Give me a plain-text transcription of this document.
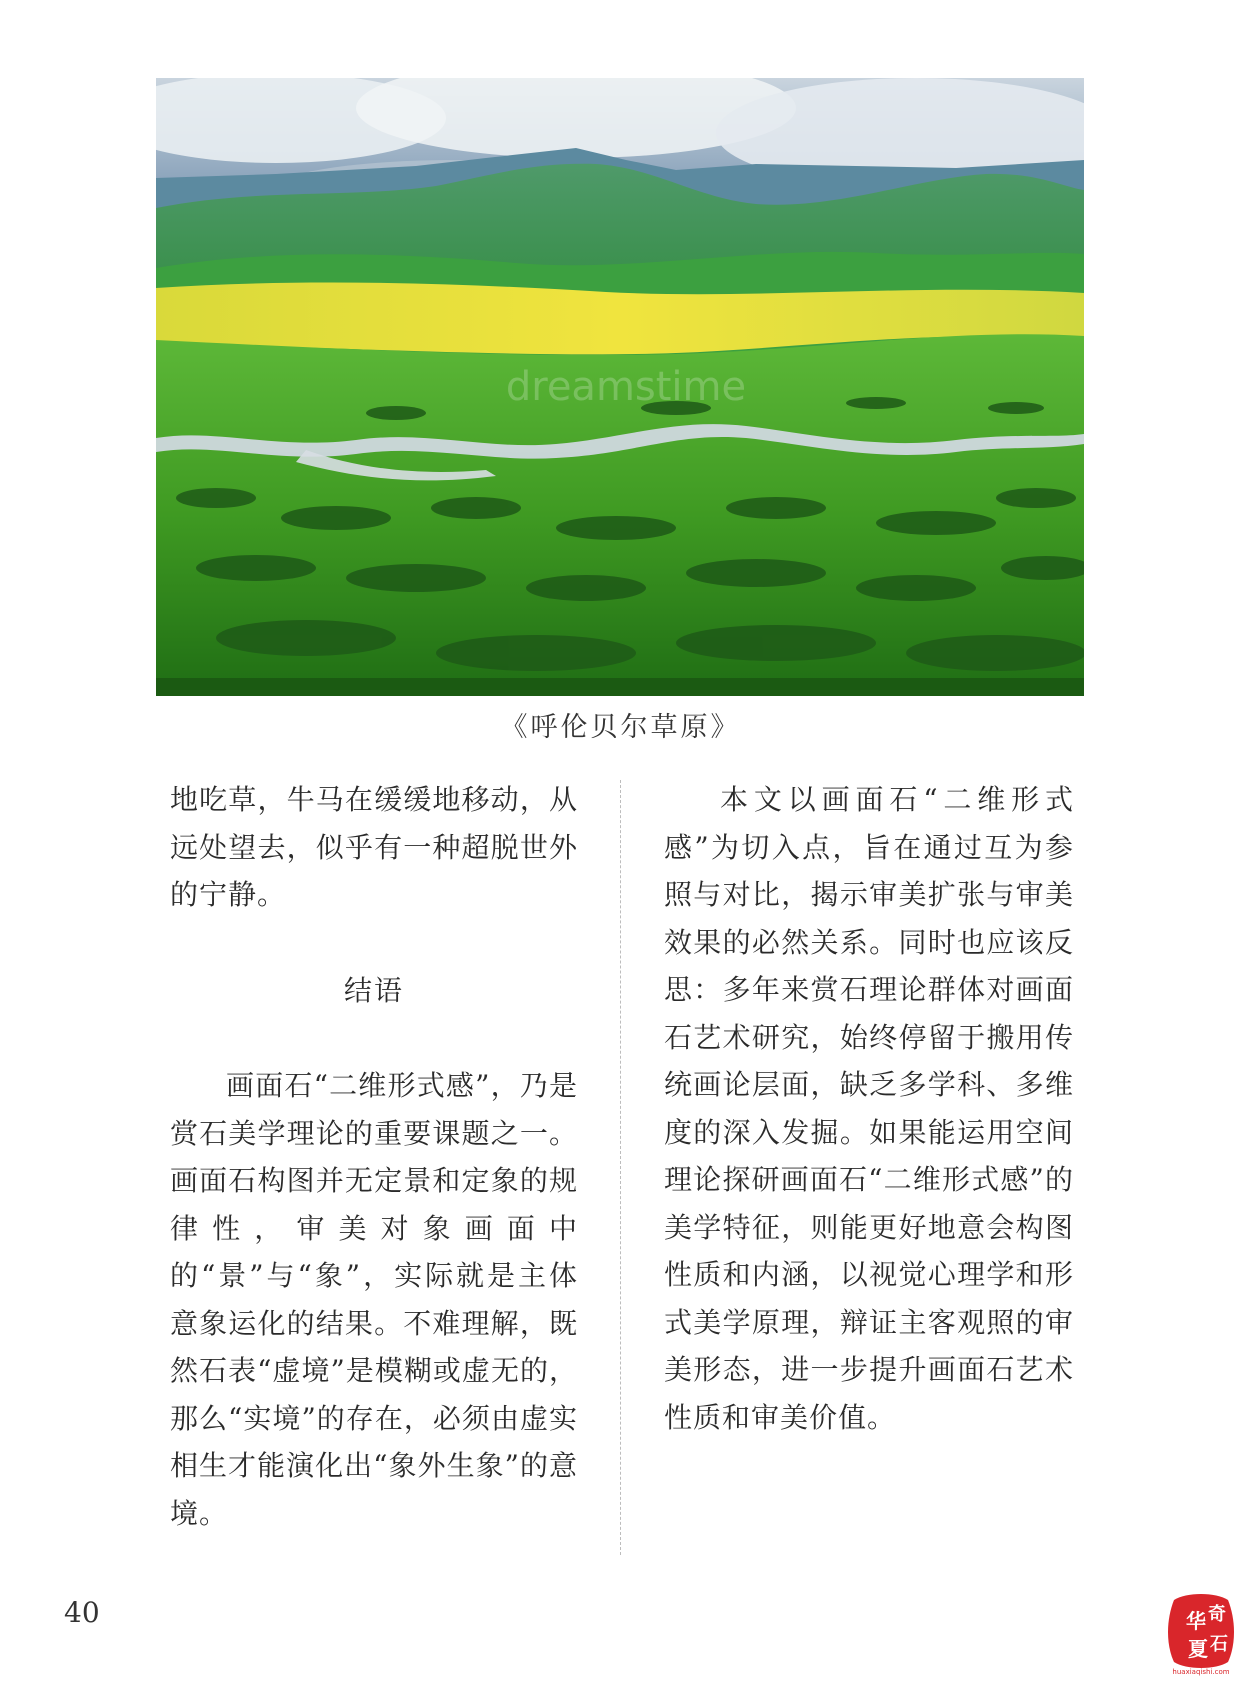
dreamstime
《呼伦贝尔草原》

地吃草，牛马在缓缓地移动，从远处望去，似乎有一种超脱世外的宁静。

结语

画面石“二维形式感”，乃是赏石美学理论的重要课题之一。画面石构图并无定景和定象的规律性，审美对象画面中的“景”与“象”，实际就是主体意象运化的结果。不难理解，既然石表“虚境”是模糊或虚无的，那么“实境”的存在，必须由虚实相生才能演化出“象外生象”的意境。

本文以画面石“二维形式感”为切入点，旨在通过互为参照与对比，揭示审美扩张与审美效果的必然关系。同时也应该反思：多年来赏石理论群体对画面石艺术研究，始终停留于搬用传统画论层面，缺乏多学科、多维度的深入发掘。如果能运用空间理论探研画面石“二维形式感”的美学特征，则能更好地意会构图性质和内涵，以视觉心理学和形式美学原理，辩证主客观照的审美形态，进一步提升画面石艺术性质和审美价值。

40	华 奇
夏 石
huaxiaqishi.com
